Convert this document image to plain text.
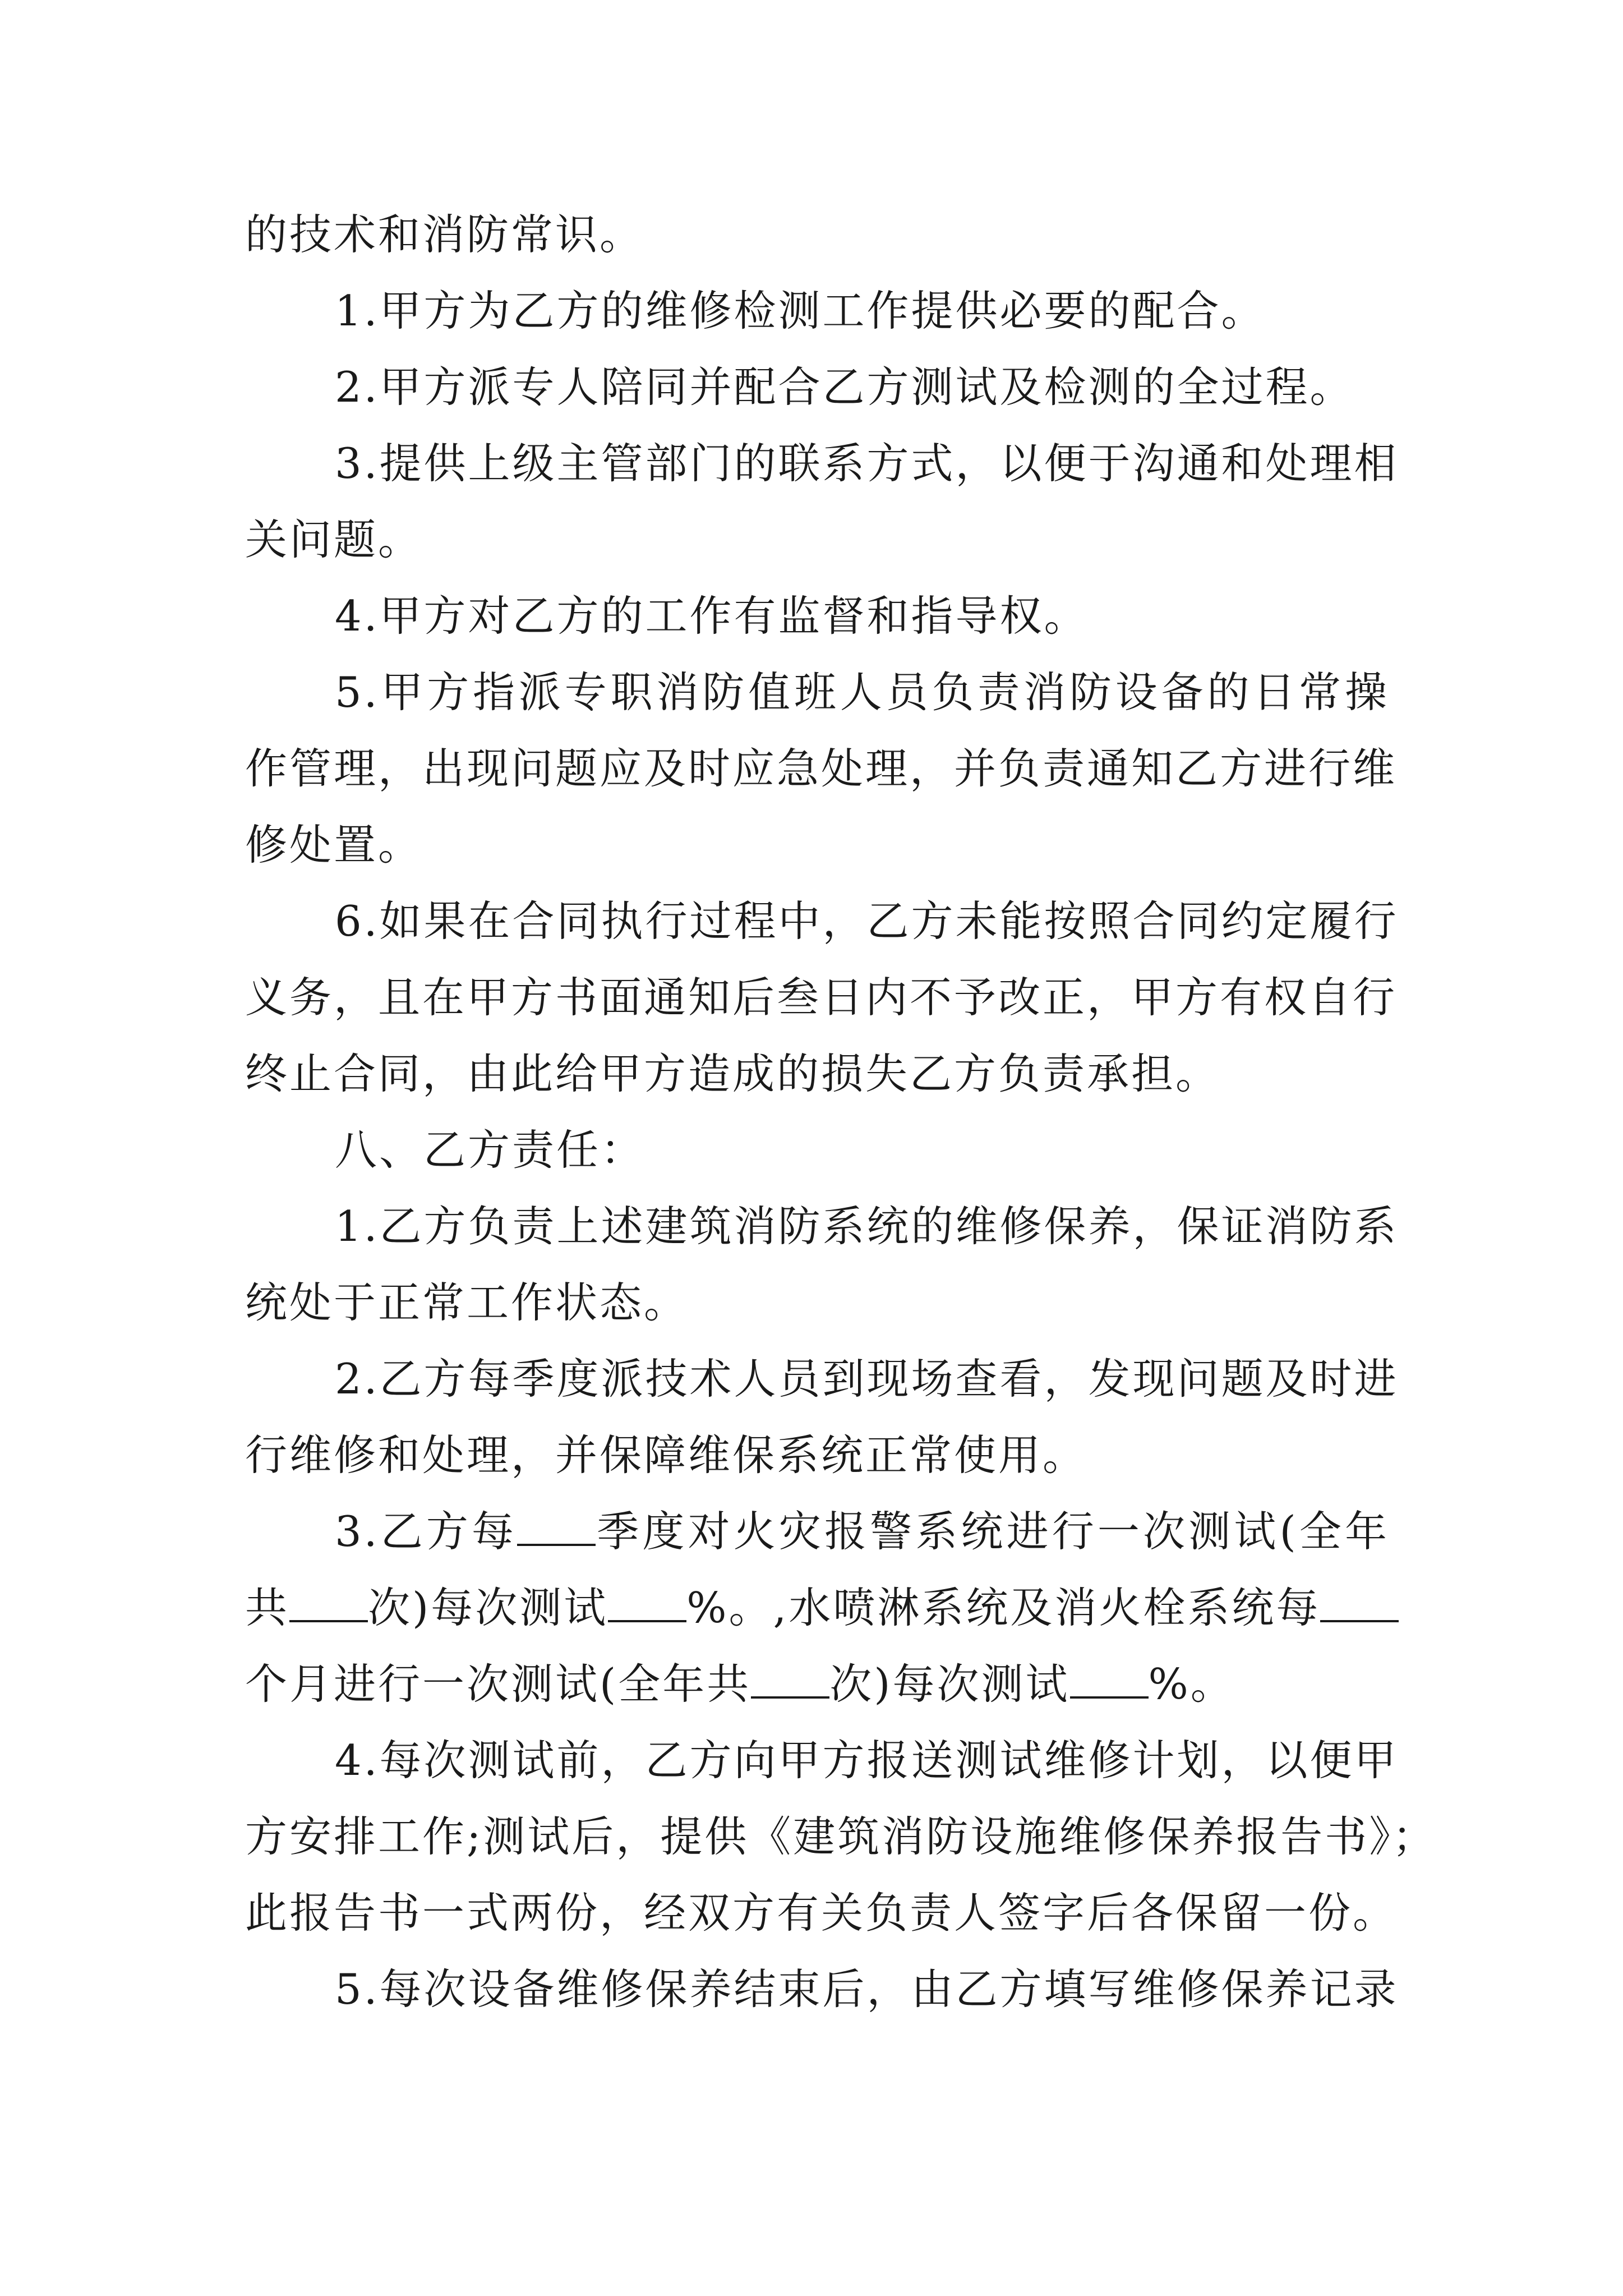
的技术和消防常识。
1.甲方为乙方的维修检测工作提供必要的配合。
2.甲方派专人陪同并配合乙方测试及检测的全过程。
3.提供上级主管部门的联系方式，以便于沟通和处理相
关问题。
4.甲方对乙方的工作有监督和指导权。
5.甲方指派专职消防值班人员负责消防设备的日常操
作管理，出现问题应及时应急处理，并负责通知乙方进行维
修处置。
6.如果在合同执行过程中，乙方未能按照合同约定履行
义务，且在甲方书面通知后叁日内不予改正，甲方有权自行
终止合同，由此给甲方造成的损失乙方负责承担。
八、乙方责任：
1.乙方负责上述建筑消防系统的维修保养，保证消防系
统处于正常工作状态。
2.乙方每季度派技术人员到现场查看，发现问题及时进
行维修和处理，并保障维保系统正常使用。
3.乙方每 季度对火灾报警系统进行一次测试(全年
共 次)每次测试 %。,水喷淋系统及消火栓系统每
个月进行一次测试(全年共 次)每次测试 %。
4.每次测试前，乙方向甲方报送测试维修计划，以便甲
方安排工作;测试后，提供《建筑消防设施维修保养报告书》；
此报告书一式两份，经双方有关负责人签字后各保留一份。
5.每次设备维修保养结束后，由乙方填写维修保养记录
